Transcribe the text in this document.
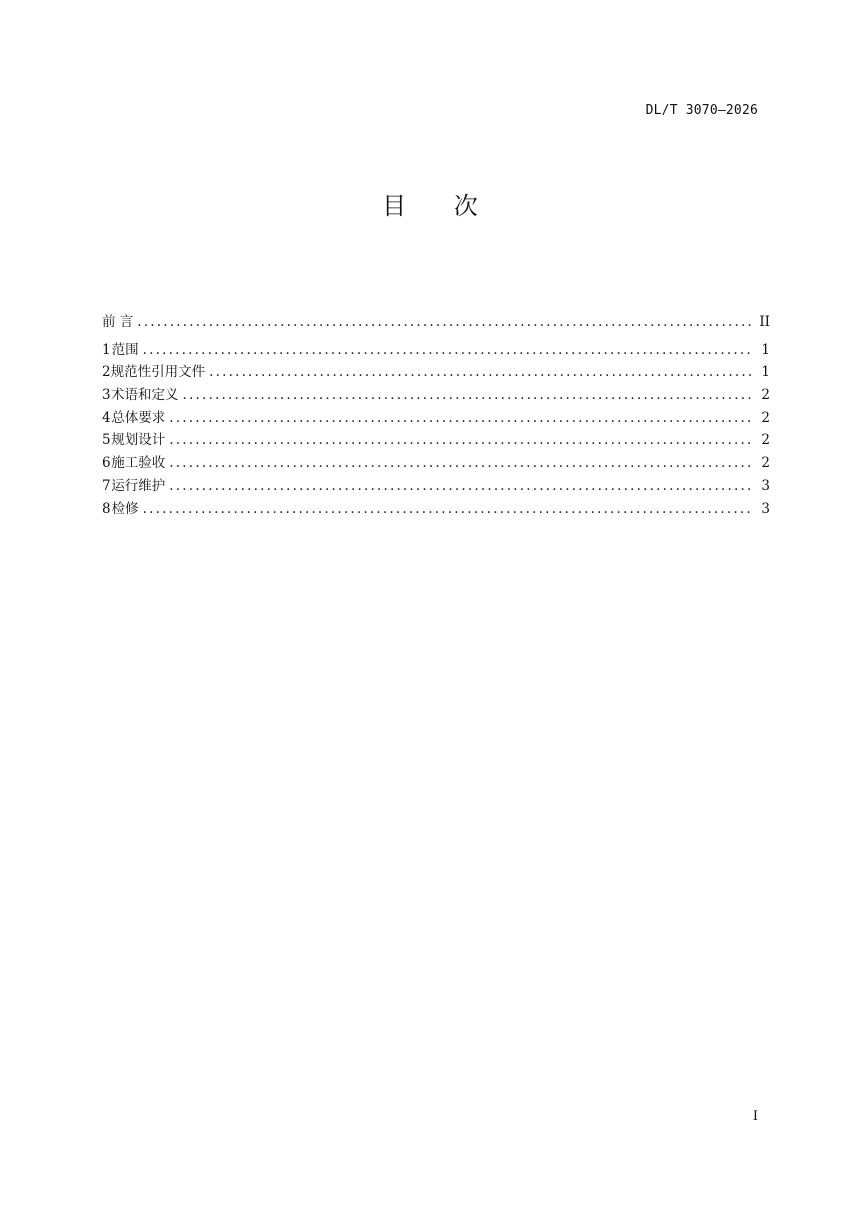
DL/T 3070—2026
目 次
前 言 .....	II
1 范围 .....	1
2 规范性引用文件 .....	1
3 术语和定义 .....	2
4 总体要求 .....	2
5 规划设计 .....	2
6 施工验收 .....	2
7 运行维护 .....	3
8 检修 .....	3
I
